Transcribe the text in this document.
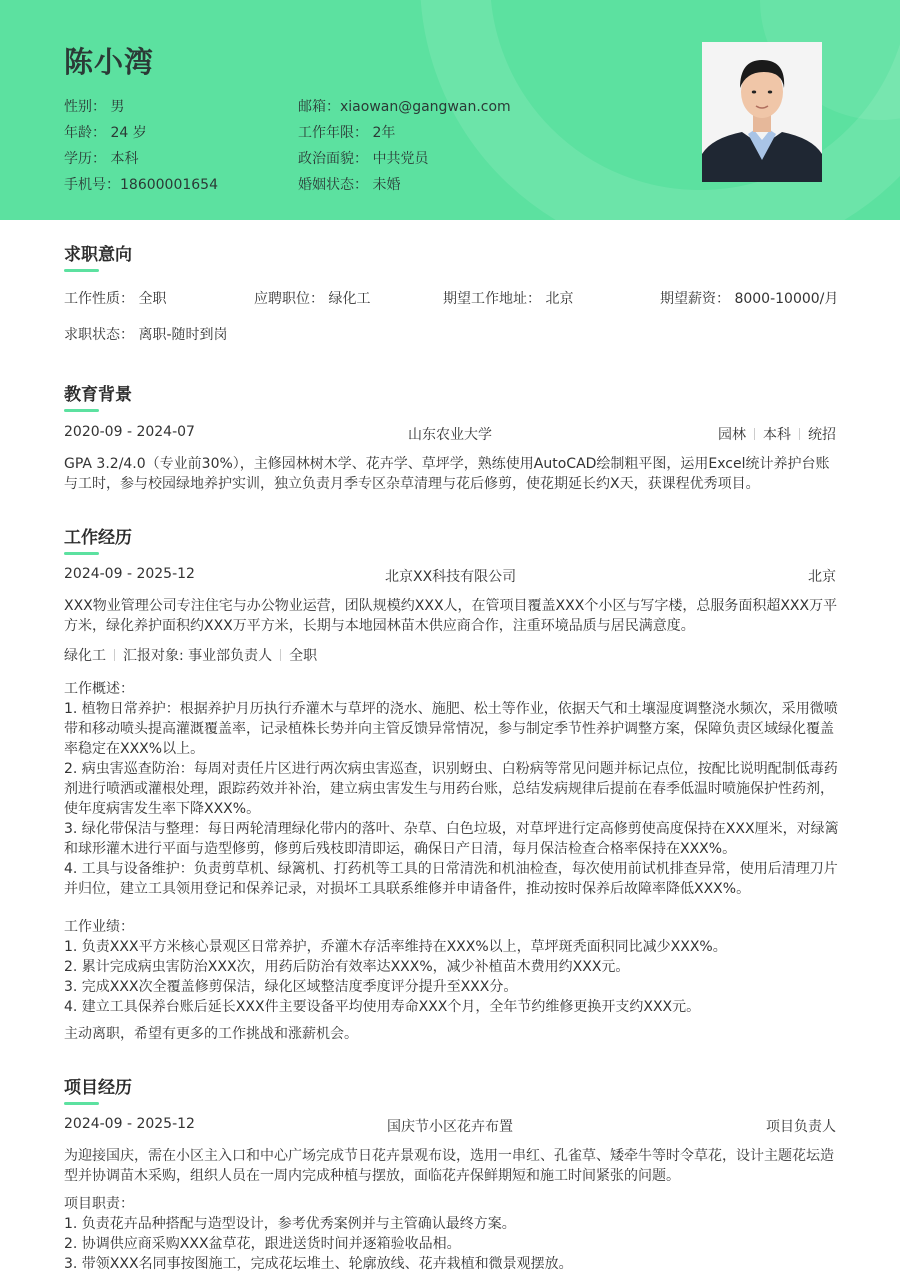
陈小湾
性别： 男
年龄： 24 岁
学历： 本科
手机号：18600001654
邮箱：xiaowan@gangwan.com
工作年限： 2年
政治面貌： 中共党员
婚姻状态： 未婚
求职意向
工作性质： 全职	应聘职位： 绿化工	期望工作地址： 北京	期望薪资： 8000-10000/月
求职状态： 离职-随时到岗
教育背景
2020-09 - 2024-07	山东农业大学	园林 本科 统招
GPA 3.2/4.0（专业前30%），主修园林树木学、花卉学、草坪学，熟练使用AutoCAD绘制粗平图，运用Excel统计养护台账与工时，参与校园绿地养护实训，独立负责月季专区杂草清理与花后修剪，使花期延长约X天，获课程优秀项目。
工作经历
2024-09 - 2025-12	北京XX科技有限公司	北京
XXX物业管理公司专注住宅与办公物业运营，团队规模约XXX人，在管项目覆盖XXX个小区与写字楼，总服务面积超XXX万平方米，绿化养护面积约XXX万平方米，长期与本地园林苗木供应商合作，注重环境品质与居民满意度。
绿化工 汇报对象: 事业部负责人 全职
工作概述：
1. 植物日常养护：根据养护月历执行乔灌木与草坪的浇水、施肥、松土等作业，依据天气和土壤湿度调整浇水频次，采用微喷带和移动喷头提高灌溉覆盖率，记录植株长势并向主管反馈异常情况，参与制定季节性养护调整方案，保障负责区域绿化覆盖率稳定在XXX%以上。
2. 病虫害巡查防治：每周对责任片区进行两次病虫害巡查，识别蚜虫、白粉病等常见问题并标记点位，按配比说明配制低毒药剂进行喷洒或灌根处理，跟踪药效并补治，建立病虫害发生与用药台账，总结发病规律后提前在春季低温时喷施保护性药剂，使年度病害发生率下降XXX%。
3. 绿化带保洁与整理：每日两轮清理绿化带内的落叶、杂草、白色垃圾，对草坪进行定高修剪使高度保持在XXX厘米，对绿篱和球形灌木进行平面与造型修剪，修剪后残枝即清即运，确保日产日清，每月保洁检查合格率保持在XXX%。
4. 工具与设备维护：负责剪草机、绿篱机、打药机等工具的日常清洗和机油检查，每次使用前试机排查异常，使用后清理刀片并归位，建立工具领用登记和保养记录，对损坏工具联系维修并申请备件，推动按时保养后故障率降低XXX%。
工作业绩：
1. 负责XXX平方米核心景观区日常养护，乔灌木存活率维持在XXX%以上，草坪斑秃面积同比减少XXX%。
2. 累计完成病虫害防治XXX次，用药后防治有效率达XXX%，减少补植苗木费用约XXX元。
3. 完成XXX次全覆盖修剪保洁，绿化区域整洁度季度评分提升至XXX分。
4. 建立工具保养台账后延长XXX件主要设备平均使用寿命XXX个月，全年节约维修更换开支约XXX元。
主动离职，希望有更多的工作挑战和涨薪机会。
项目经历
2024-09 - 2025-12	国庆节小区花卉布置	项目负责人
为迎接国庆，需在小区主入口和中心广场完成节日花卉景观布设，选用一串红、孔雀草、矮牵牛等时令草花，设计主题花坛造型并协调苗木采购，组织人员在一周内完成种植与摆放，面临花卉保鲜期短和施工时间紧张的问题。
项目职责：
1. 负责花卉品种搭配与造型设计，参考优秀案例并与主管确认最终方案。
2. 协调供应商采购XXX盆草花，跟进送货时间并逐箱验收品相。
3. 带领XXX名同事按图施工，完成花坛堆土、轮廓放线、花卉栽植和微景观摆放。
